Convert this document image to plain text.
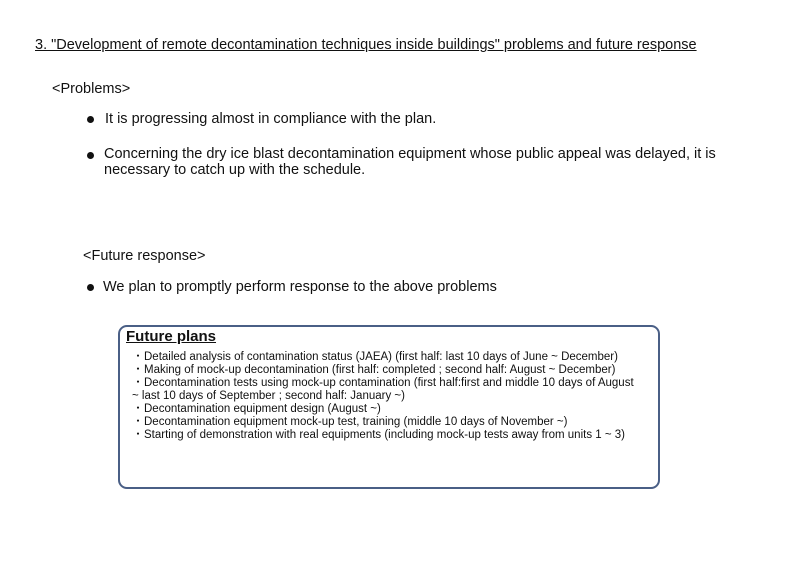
3. "Development of remote decontamination techniques inside buildings" problems and future response
<Problems>
It is progressing almost in compliance with the plan.
Concerning the dry ice blast decontamination equipment whose public appeal was delayed, it is necessary to catch up with the schedule.
<Future response>
We plan to promptly perform response to the above problems
Future plans
・Detailed analysis of contamination status (JAEA) (first half: last 10 days of June ~ December)
・Making of mock-up decontamination (first half: completed ; second half: August ~ December)
・Decontamination tests using mock-up contamination (first half:first and middle 10 days of August ~ last 10 days of September ; second half: January ~)
・Decontamination equipment design (August ~)
・Decontamination equipment mock-up test, training (middle 10 days of November ~)
・Starting of demonstration with real equipments (including mock-up tests away from units 1 ~ 3)
